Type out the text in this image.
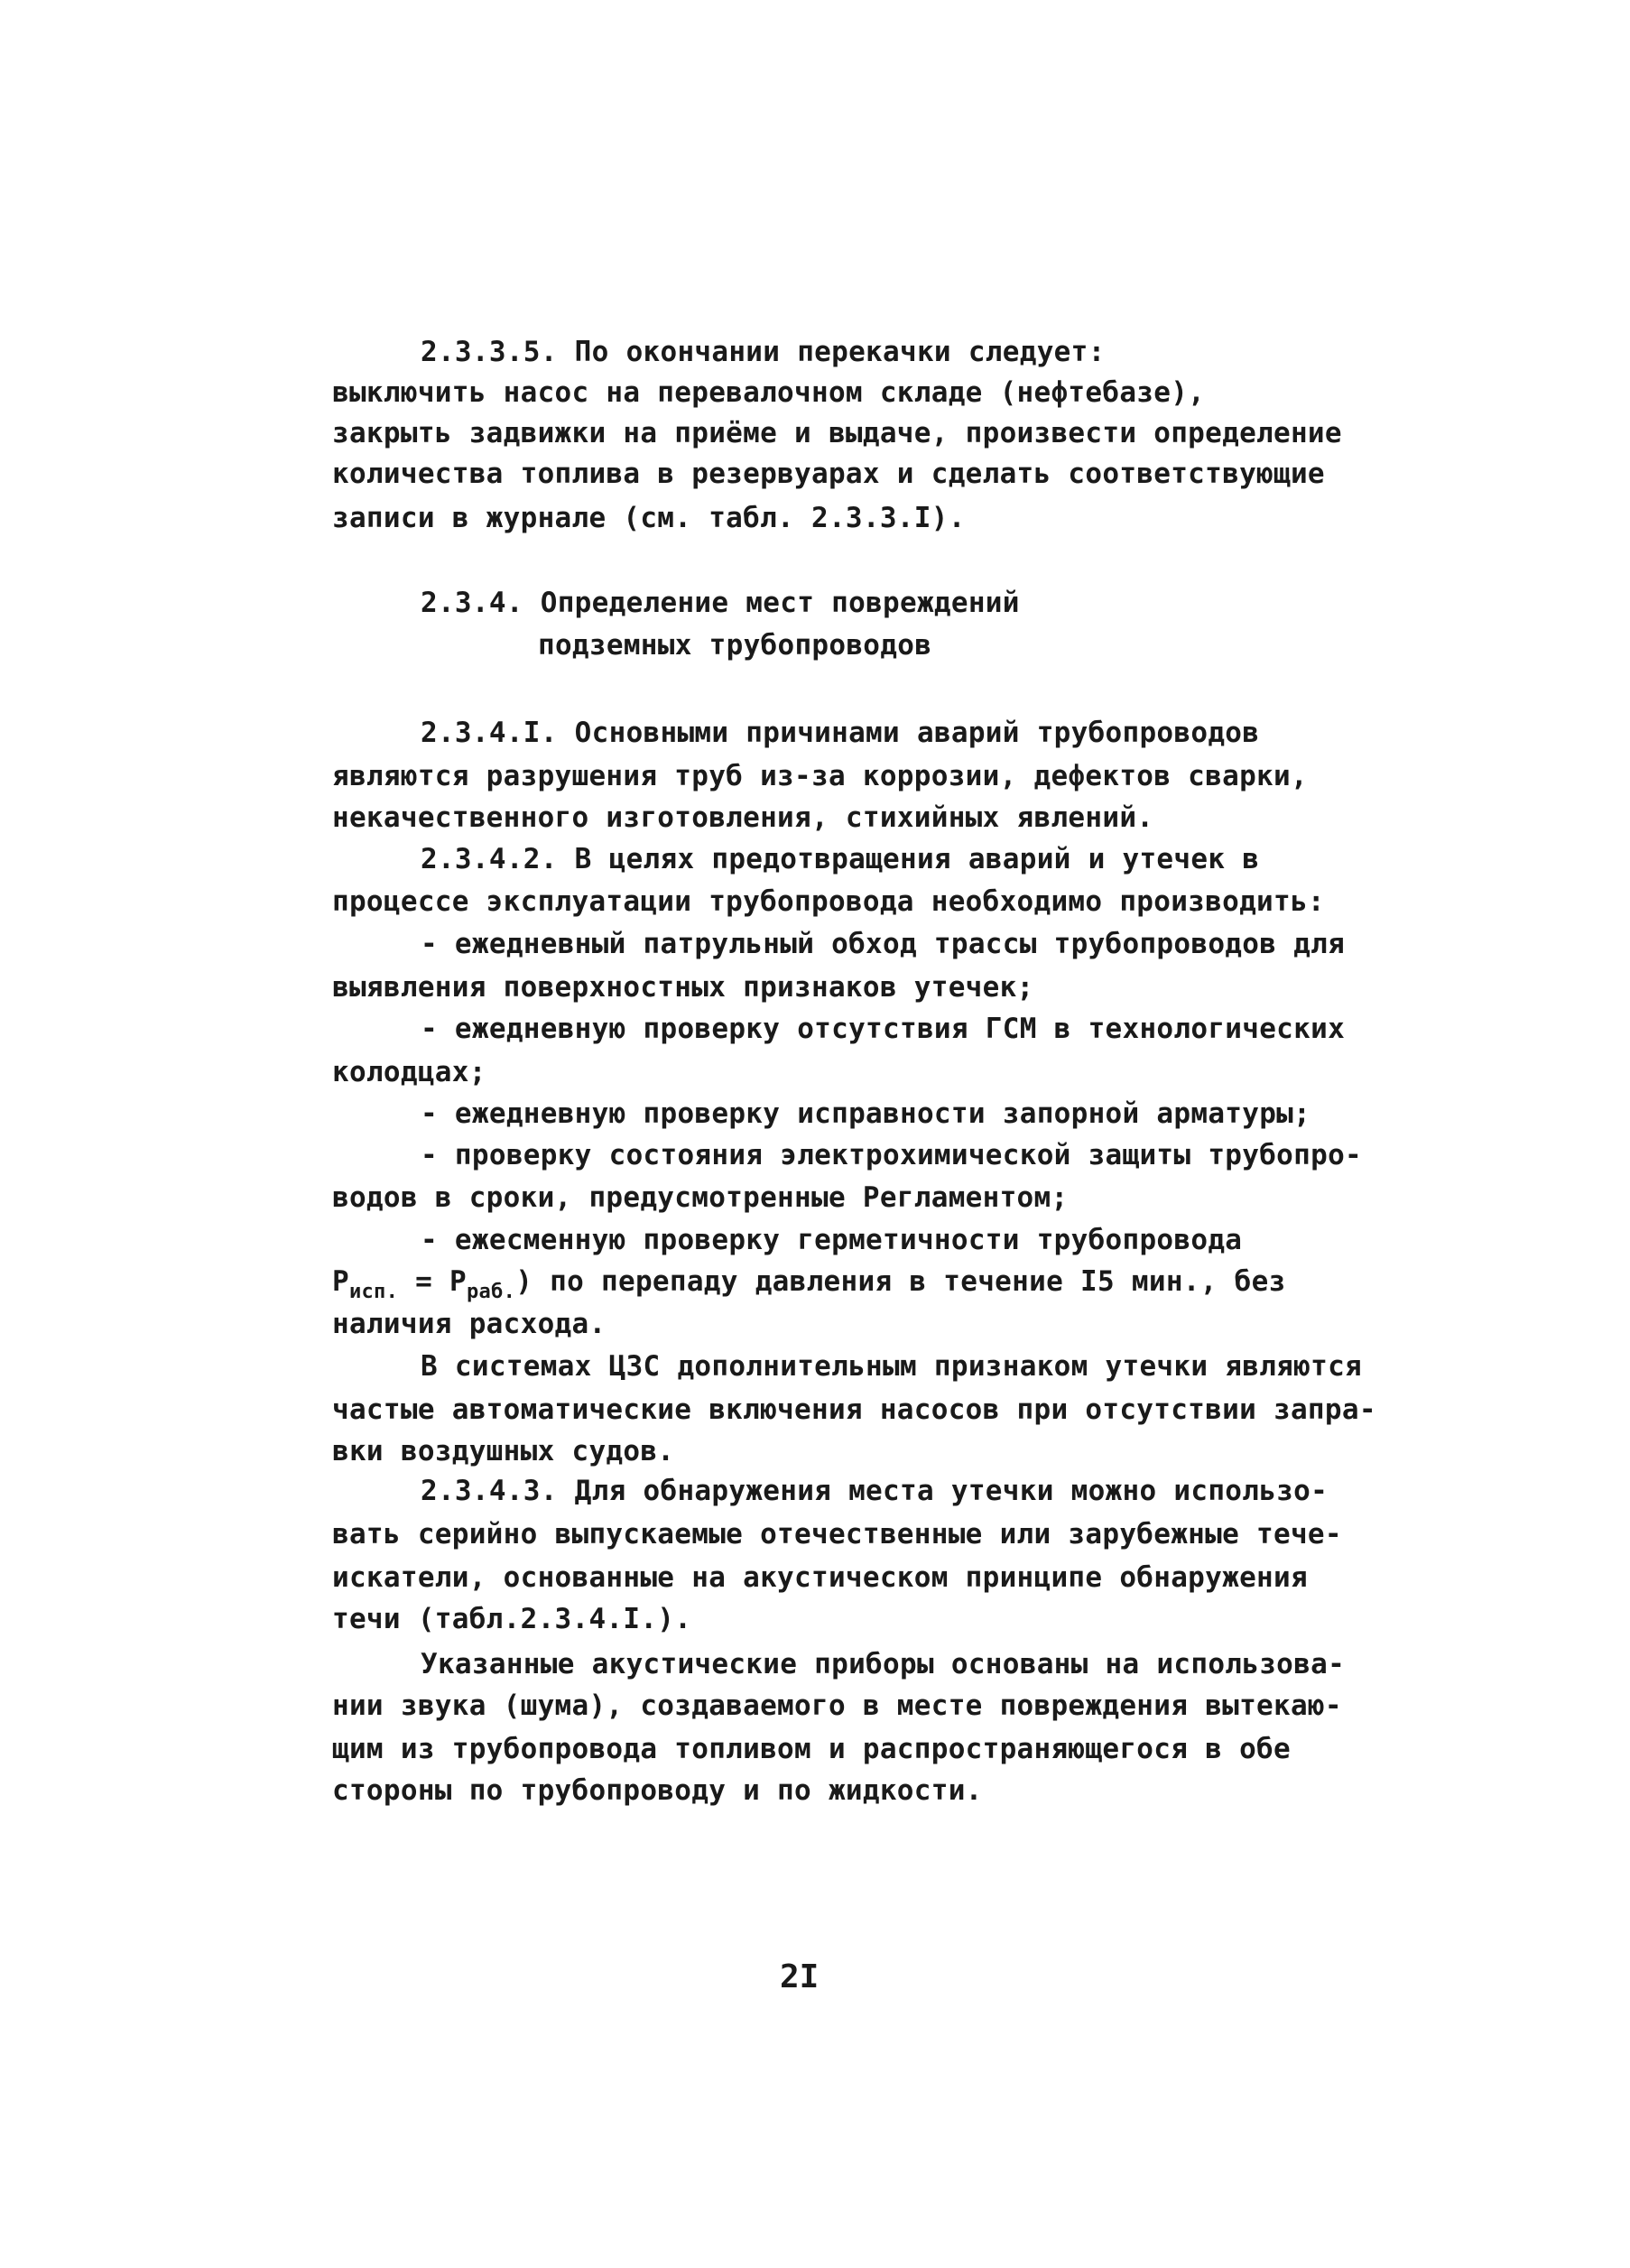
2.3.3.5. По окончании перекачки следует:
выключить насос на перевалочном складе (нефтебазе),
закрыть задвижки на приёме и выдаче, произвести определение
количества топлива в резервуарах и сделать соответствующие
записи в журнале (см. табл. 2.3.3.I).
2.3.4. Определение мест повреждений
подземных трубопроводов
2.3.4.I. Основными причинами аварий трубопроводов
являются разрушения труб из-за коррозии, дефектов сварки,
некачественного изготовления, стихийных явлений.
2.3.4.2. В целях предотвращения аварий и утечек в
процессе эксплуатации трубопровода необходимо производить:
- ежедневный патрульный обход трассы трубопроводов для
выявления поверхностных признаков утечек;
- ежедневную проверку отсутствия ГСМ в технологических
колодцах;
- ежедневную проверку исправности запорной арматуры;
- проверку состояния электрохимической защиты трубопро-
водов в сроки, предусмотренные Регламентом;
- ежесменную проверку герметичности трубопровода
$P_{исп.} = P_{раб.}$) по перепаду давления в течение I5 мин., без
наличия расхода.
В системах ЦЗС дополнительным признаком утечки являются
частые автоматические включения насосов при отсутствии запра-
вки воздушных судов.
2.3.4.3. Для обнаружения места утечки можно использо-
вать серийно выпускаемые отечественные или зарубежные тече-
искатели, основанные на акустическом принципе обнаружения
течи (табл.2.3.4.I.).
Указанные акустические приборы основаны на использова-
нии звука (шума), создаваемого в месте повреждения вытекаю-
щим из трубопровода топливом и распространяющегося в обе
стороны по трубопроводу и по жидкости.
2I
